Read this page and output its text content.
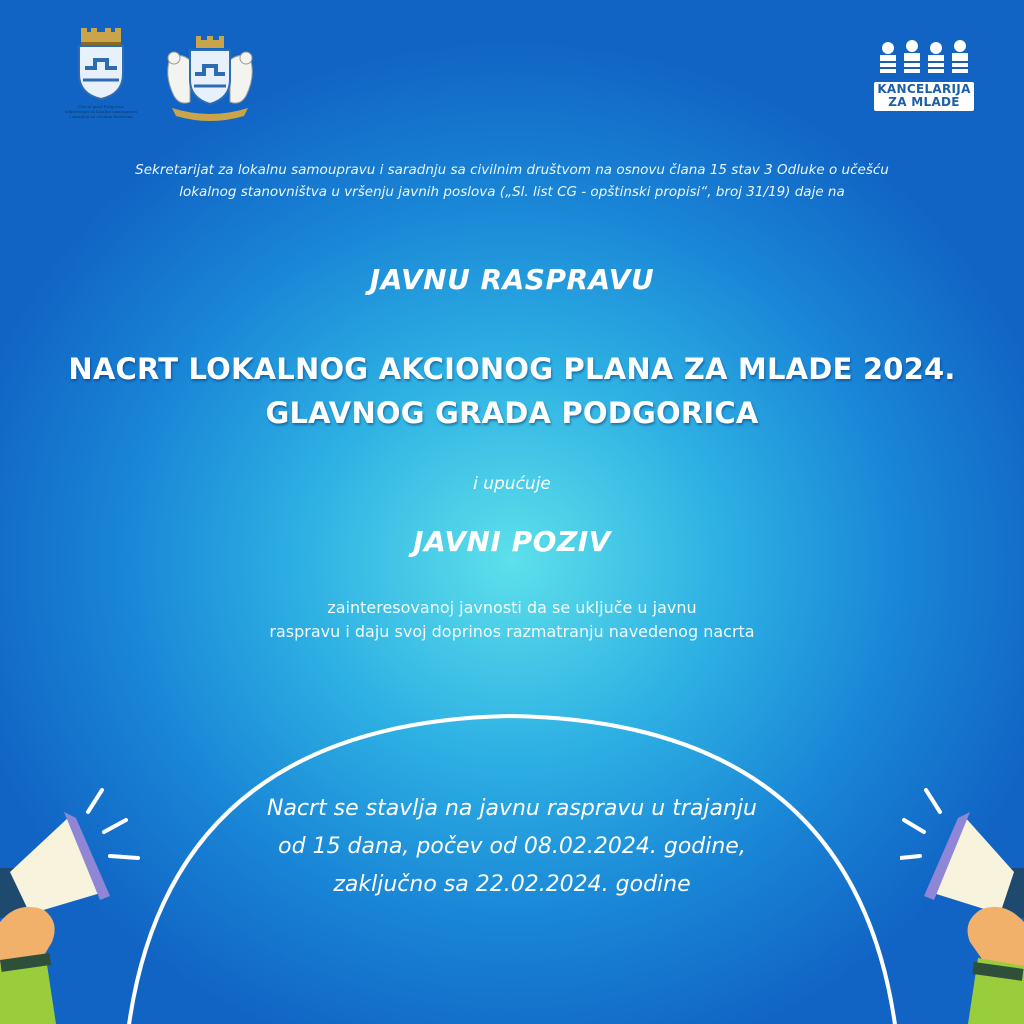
Glavni grad Podgorica
Sekretarijat za lokalnu samoupravu
i saradnju sa civilnim društvom
KANCELARIJA
ZA MLADE
Sekretarijat za lokalnu samoupravu i saradnju sa civilnim društvom na osnovu člana 15 stav 3 Odluke o učešću lokalnog stanovništva u vršenju javnih poslova („Sl. list CG - opštinski propisi“, broj 31/19) daje na
JAVNU RASPRAVU
NACRT LOKALNOG AKCIONOG PLANA ZA MLADE 2024.
GLAVNOG GRADA PODGORICA
i upućuje
JAVNI POZIV
zainteresovanoj javnosti da se uključe u javnu
raspravu i daju svoj doprinos razmatranju navedenog nacrta
Nacrt se stavlja na javnu raspravu u trajanju od 15 dana, počev od 08.02.2024. godine, zaključno sa 22.02.2024. godine
